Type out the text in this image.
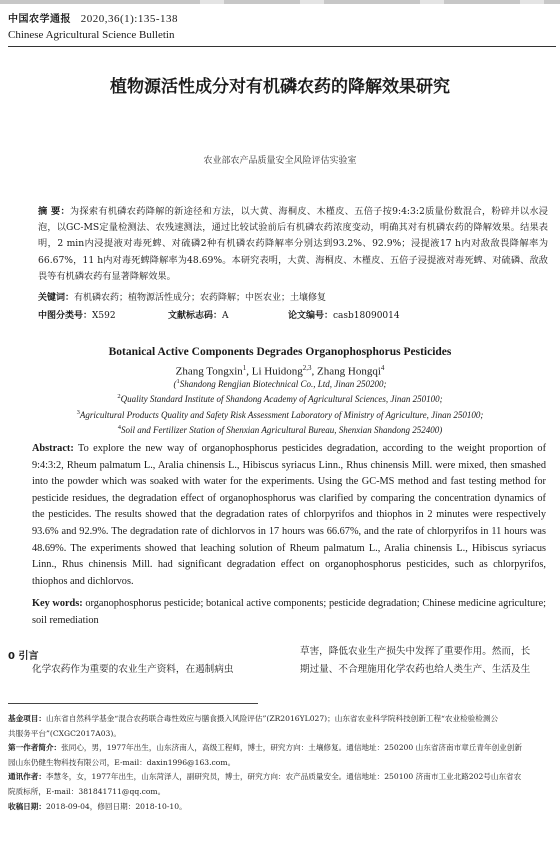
中国农学通报 2020,36(1):135-138
Chinese Agricultural Science Bulletin
植物源活性成分对有机磷农药的降解效果研究
农业部农产品质量安全风险评估实验室
摘 要：为探索有机磷农药降解的新途径和方法，以大黄、海桐皮、木槿皮、五倍子按9:4:3:2质量份数混合，粉碎并以水浸泡，以GC-MS定量检测法、农残速测法，通过比较试验前后有机磷农药浓度变动，明确其对有机磷农药的降解效果。结果表明，2 min内浸提液对毒死蜱、对硫磷2种有机磷农药降解率分别达到93.2%、92.9%；浸提液17 h内对敌敌畏降解率为66.67%，11 h内对毒死蜱降解率为48.69%。本研究表明，大黄、海桐皮、木槿皮、五倍子浸提液对毒死蜱、对硫磷、敌敌畏等有机磷农药有显著降解效果。
关键词：有机磷农药；植物源活性成分；农药降解；中医农业；土壤修复
中图分类号：X592	文献标志码：A	论文编号：casb18090014
Botanical Active Components Degrades Organophosphorus Pesticides
Zhang Tongxin$^1$, Li Huidong$^{2,3}$, Zhang Hongqi$^4$
($^1$Shandong Rengjian Biotechnical Co., Ltd, Jinan 250200;
$^2$Quality Standard Institute of Shandong Academy of Agricultural Sciences, Jinan 250100;
$^3$Agricultural Products Quality and Safety Risk Assessment Laboratory of Ministry of Agriculture, Jinan 250100;
$^4$Soil and Fertilizer Station of Shenxian Agricultural Bureau, Shenxian Shandong 252400)
Abstract: To explore the new way of organophosphorus pesticides degradation, according to the weight proportion of 9:4:3:2, Rheum palmatum L., Aralia chinensis L., Hibiscus syriacus Linn., Rhus chinensis Mill. were mixed, then smashed into the powder which was soaked with water for the experiments. Using the GC-MS method and fast testing method for pesticide residues, the degradation effect of organophosphorus was clarified by comparing the concentration dynamics of the pesticides. The results showed that the degradation rates of chlorpyrifos and thiophos in 2 minutes were respectively 93.6% and 92.9%. The degradation rate of dichlorvos in 17 hours was 66.67%, and the rate of chlorpyrifos in 11 hours was 48.69%. The experiments showed that leaching solution of Rheum palmatum L., Aralia chinensis L., Hibiscus syriacus Linn., Rhus chinensis Mill. had significant degradation effect on organophosphorus pesticides, such as chlorpyrifos, thiophos and dichlorvos.
Key words: organophosphorus pesticide; botanical active components; pesticide degradation; Chinese medicine agriculture; soil remediation
0 引言
化学农药作为重要的农业生产资料，在遏制病虫
草害，降低农业生产损失中发挥了重要作用。然而，长
期过量、不合理施用化学农药也给人类生产、生活及生
基金项目：山东省自然科学基金“混合农药联合毒性效应与膳食摄入风险评估”(ZR2016YL027)；山东省农业科学院科技创新工程“农业检验检测公
共服务平台”(CXGC2017A03)。
第一作者简介：张同心，男，1977年出生，山东济南人，高级工程师，博士，研究方向：土壤修复。通信地址：250200 山东省济南市章丘青年创业创新
园山东仍健生物科技有限公司，E-mail：daxin1996@163.com。
通讯作者：李慧冬，女，1977年出生，山东菏泽人，副研究员，博士，研究方向：农产品质量安全。通信地址：250100 济南市工业北路202号山东省农
院质标所，E-mail：381841711@qq.com。
收稿日期：2018-09-04，修回日期：2018-10-10。
